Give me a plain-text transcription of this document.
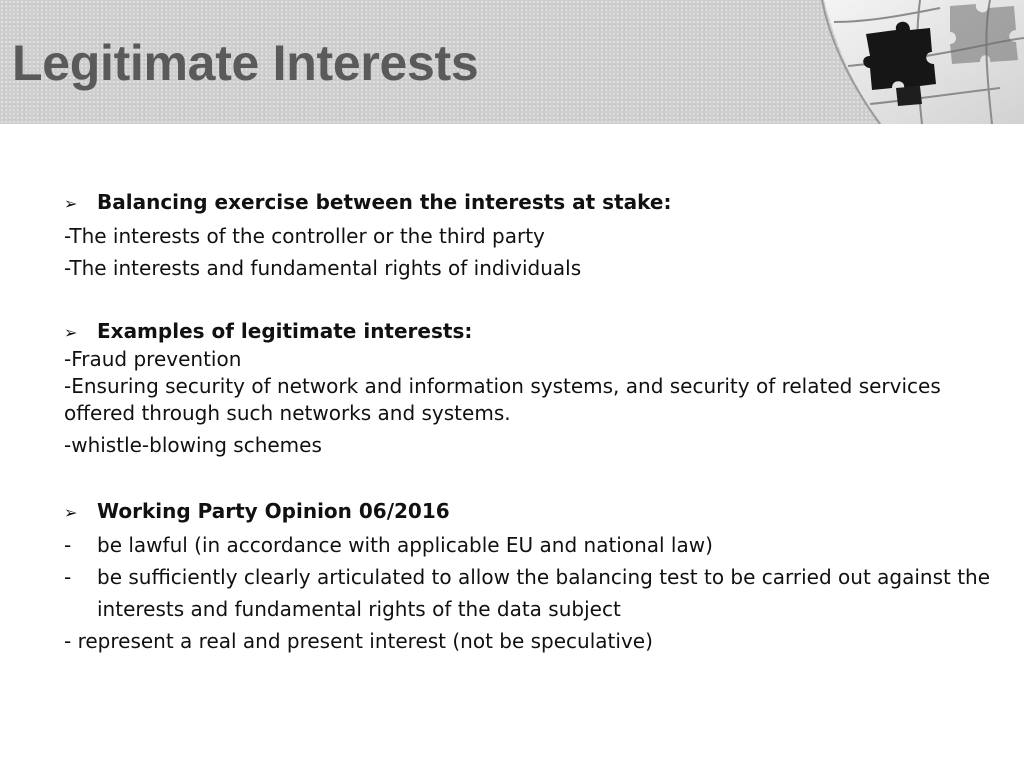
Legitimate Interests
➢ Balancing exercise between the interests at stake:
-The interests of the controller or the third party
-The interests and fundamental rights of individuals
➢ Examples of legitimate interests:
-Fraud prevention
-Ensuring security of network and information systems, and security of related services offered through such networks and systems.
-whistle-blowing schemes
➢ Working Party Opinion 06/2016
-	be lawful (in accordance with applicable EU and national law)
-	be sufficiently clearly articulated to allow the balancing test to be carried out against the interests and fundamental rights of the data subject
- represent a real and present interest (not be speculative)
